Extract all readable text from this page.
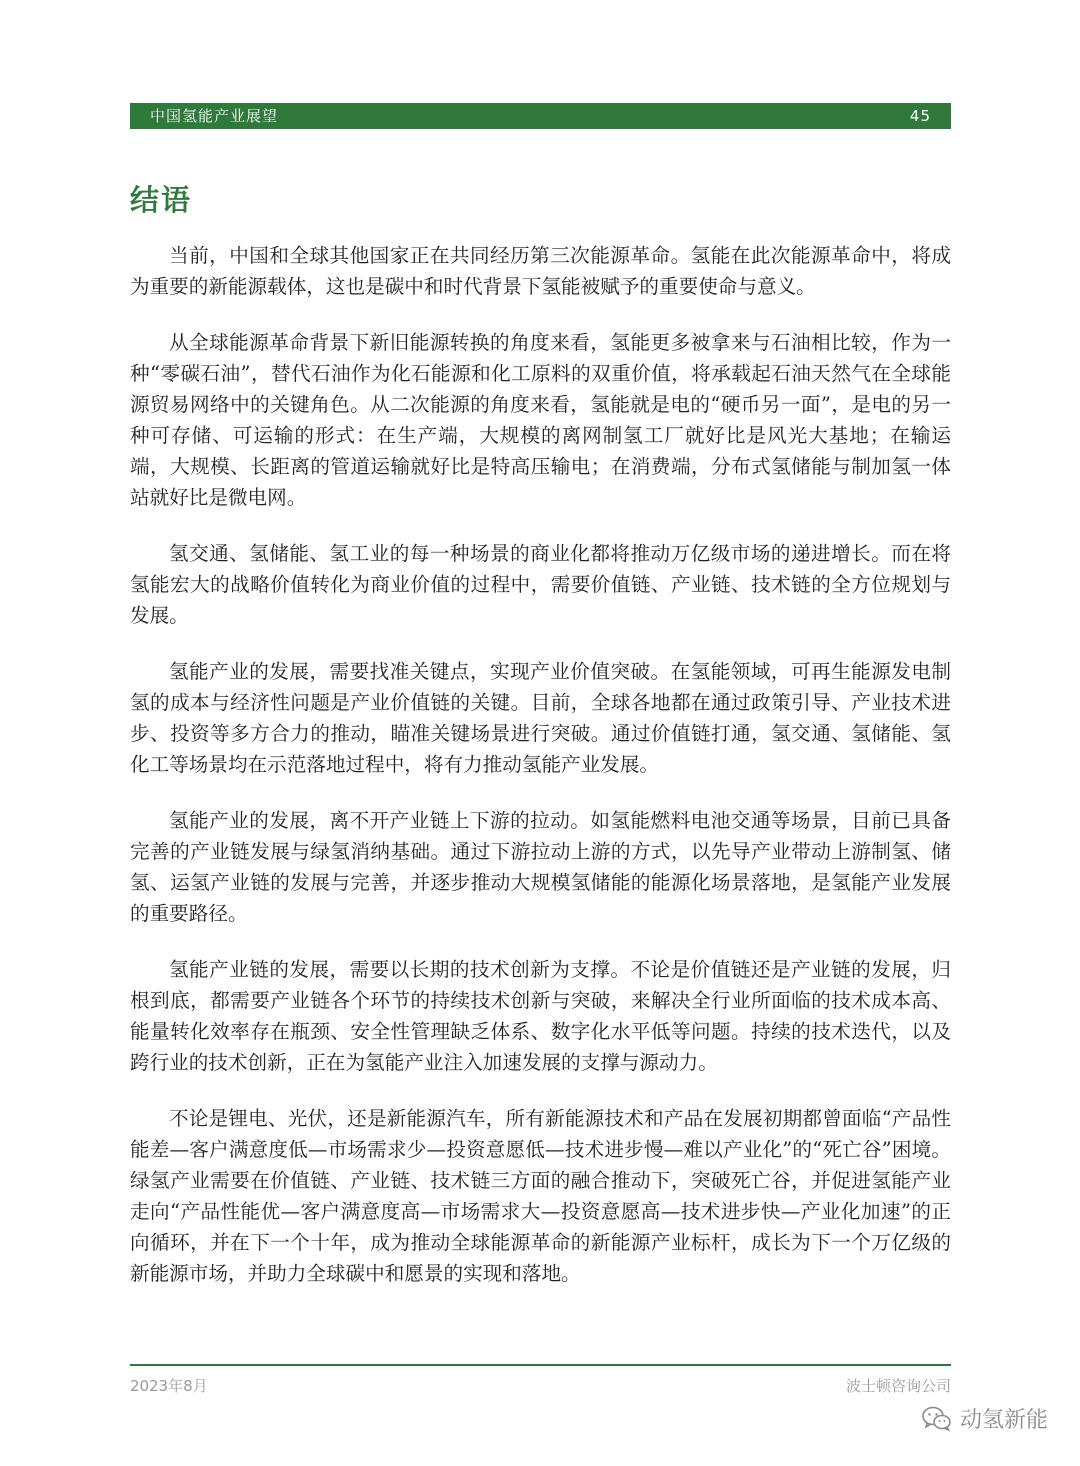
中国氢能产业展望	45
结语

当前，中国和全球其他国家正在共同经历第三次能源革命。氢能在此次能源革命中，将成为重要的新能源载体，这也是碳中和时代背景下氢能被赋予的重要使命与意义。

从全球能源革命背景下新旧能源转换的角度来看，氢能更多被拿来与石油相比较，作为一种“零碳石油”，替代石油作为化石能源和化工原料的双重价值，将承载起石油天然气在全球能源贸易网络中的关键角色。从二次能源的角度来看，氢能就是电的“硬币另一面”，是电的另一种可存储、可运输的形式：在生产端，大规模的离网制氢工厂就好比是风光大基地；在输运端，大规模、长距离的管道运输就好比是特高压输电；在消费端，分布式氢储能与制加氢一体站就好比是微电网。

氢交通、氢储能、氢工业的每一种场景的商业化都将推动万亿级市场的递进增长。而在将氢能宏大的战略价值转化为商业价值的过程中，需要价值链、产业链、技术链的全方位规划与发展。

氢能产业的发展，需要找准关键点，实现产业价值突破。在氢能领域，可再生能源发电制氢的成本与经济性问题是产业价值链的关键。目前，全球各地都在通过政策引导、产业技术进步、投资等多方合力的推动，瞄准关键场景进行突破。通过价值链打通，氢交通、氢储能、氢化工等场景均在示范落地过程中，将有力推动氢能产业发展。

氢能产业的发展，离不开产业链上下游的拉动。如氢能燃料电池交通等场景，目前已具备完善的产业链发展与绿氢消纳基础。通过下游拉动上游的方式，以先导产业带动上游制氢、储氢、运氢产业链的发展与完善，并逐步推动大规模氢储能的能源化场景落地，是氢能产业发展的重要路径。

氢能产业链的发展，需要以长期的技术创新为支撑。不论是价值链还是产业链的发展，归根到底，都需要产业链各个环节的持续技术创新与突破，来解决全行业所面临的技术成本高、能量转化效率存在瓶颈、安全性管理缺乏体系、数字化水平低等问题。持续的技术迭代，以及跨行业的技术创新，正在为氢能产业注入加速发展的支撑与源动力。

不论是锂电、光伏，还是新能源汽车，所有新能源技术和产品在发展初期都曾面临“产品性能差—客户满意度低—市场需求少—投资意愿低—技术进步慢—难以产业化”的“死亡谷”困境。绿氢产业需要在价值链、产业链、技术链三方面的融合推动下，突破死亡谷，并促进氢能产业走向“产品性能优—客户满意度高—市场需求大—投资意愿高—技术进步快—产业化加速”的正向循环，并在下一个十年，成为推动全球能源革命的新能源产业标杆，成长为下一个万亿级的新能源市场，并助力全球碳中和愿景的实现和落地。

2023年8月	波士顿咨询公司
动氢新能
